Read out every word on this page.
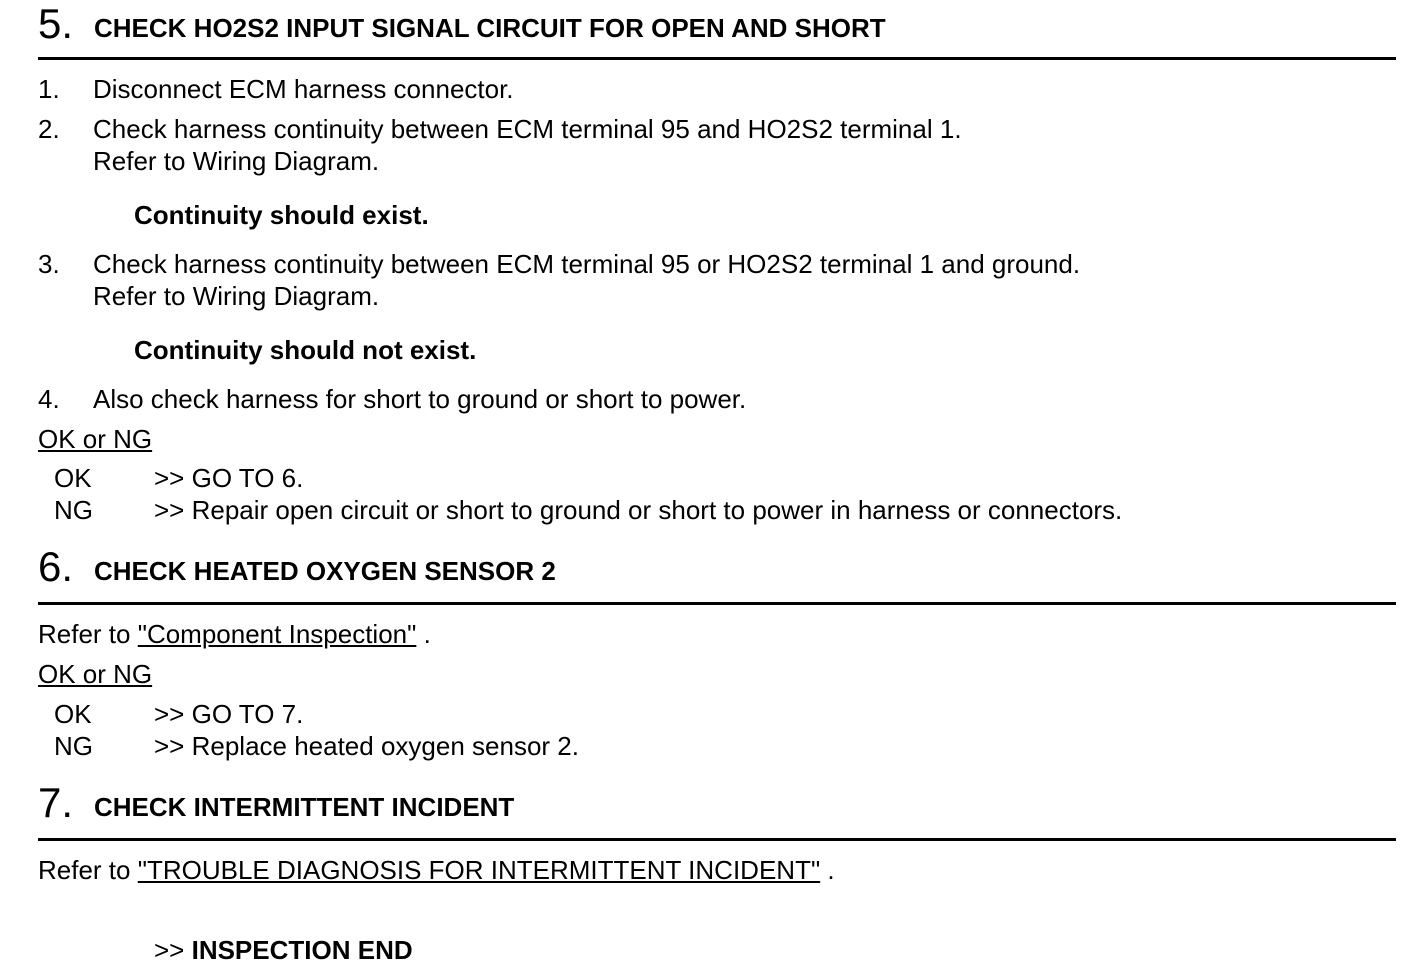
5. CHECK HO2S2 INPUT SIGNAL CIRCUIT FOR OPEN AND SHORT
1. Disconnect ECM harness connector.
2. Check harness continuity between ECM terminal 95 and HO2S2 terminal 1.
Refer to Wiring Diagram.
Continuity should exist.
3. Check harness continuity between ECM terminal 95 or HO2S2 terminal 1 and ground.
Refer to Wiring Diagram.
Continuity should not exist.
4. Also check harness for short to ground or short to power.
OK or NG
OK >> GO TO 6.
NG >> Repair open circuit or short to ground or short to power in harness or connectors.
6. CHECK HEATED OXYGEN SENSOR 2
Refer to "Component Inspection" .
OK or NG
OK >> GO TO 7.
NG >> Replace heated oxygen sensor 2.
7. CHECK INTERMITTENT INCIDENT
Refer to "TROUBLE DIAGNOSIS FOR INTERMITTENT INCIDENT" .
>> INSPECTION END
